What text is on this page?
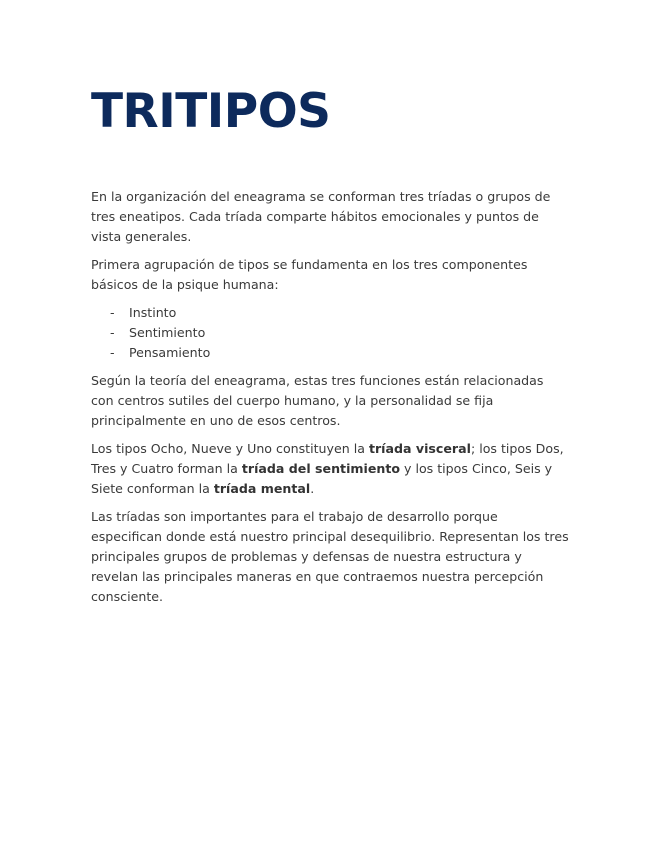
TRITIPOS

En la organización del eneagrama se conforman tres tríadas o grupos de tres eneatipos. Cada tríada comparte hábitos emocionales y puntos de vista generales.

Primera agrupación de tipos se fundamenta en los tres componentes básicos de la psique humana:

- Instinto
- Sentimiento
- Pensamiento

Según la teoría del eneagrama, estas tres funciones están relacionadas con centros sutiles del cuerpo humano, y la personalidad se fija principalmente en uno de esos centros.

Los tipos Ocho, Nueve y Uno constituyen la tríada visceral; los tipos Dos, Tres y Cuatro forman la tríada del sentimiento y los tipos Cinco, Seis y Siete conforman la tríada mental.

Las tríadas son importantes para el trabajo de desarrollo porque especifican donde está nuestro principal desequilibrio. Representan los tres principales grupos de problemas y defensas de nuestra estructura y revelan las principales maneras en que contraemos nuestra percepción consciente.
